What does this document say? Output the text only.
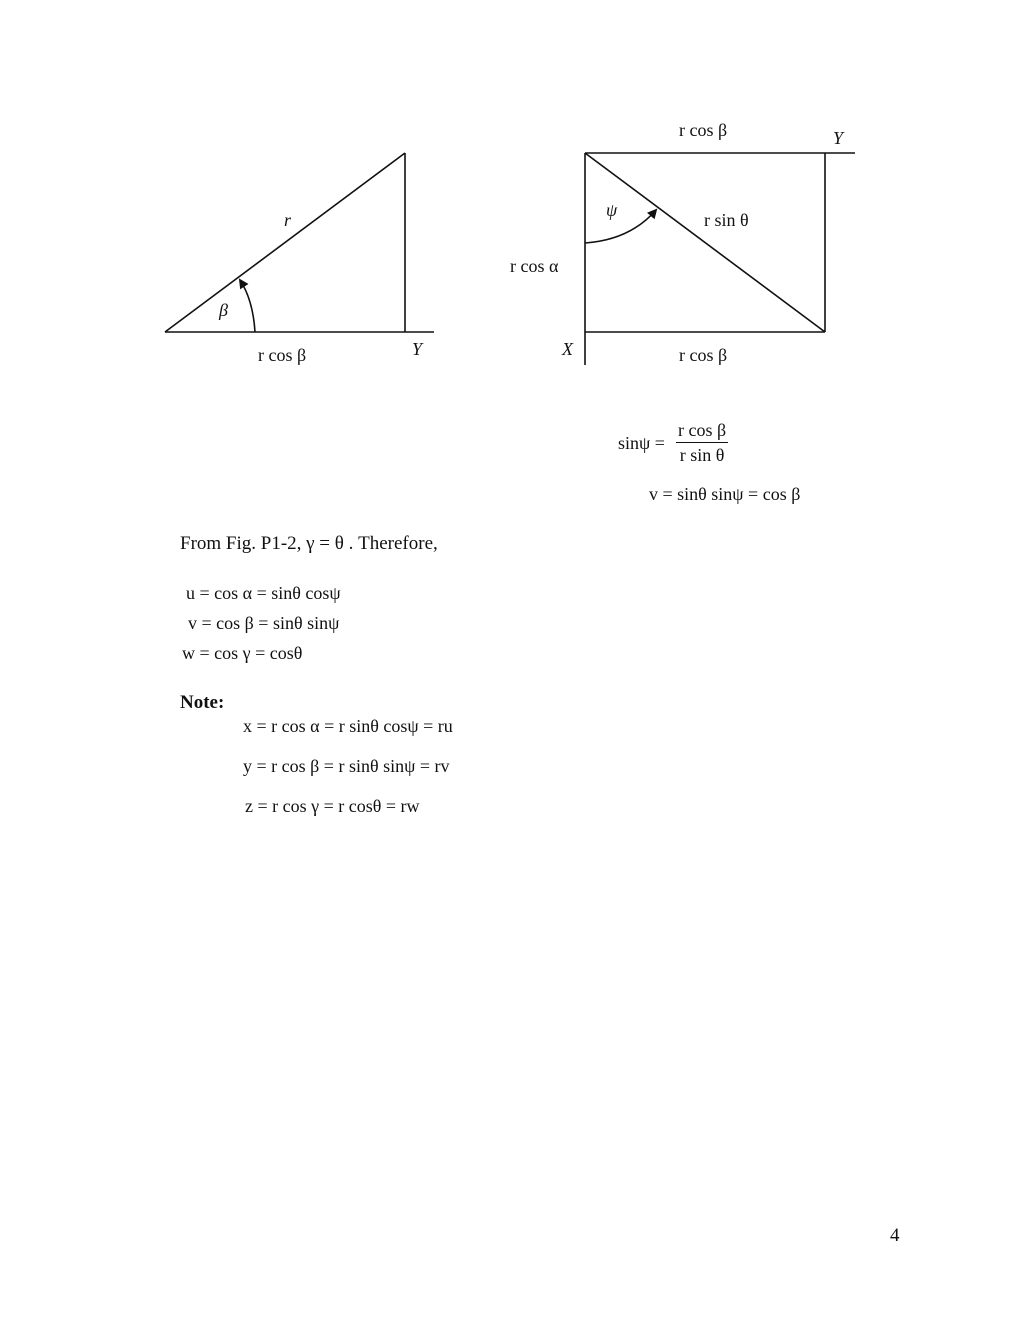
r
β
r cos β	Y
r cos β	Y
ψ	r sin θ
r cos α
X	r cos β
$\sin\psi = \frac{\text{r cos β}}{\text{r sin θ}}$
v = sinθ sinψ = cos β
From Fig. P1-2, γ = θ . Therefore,
u = cos α = sinθ cosψ
v = cos β = sinθ sinψ
w = cos γ = cosθ
Note:
x = r cos α = r sinθ cosψ = ru
y = r cos β = r sinθ sinψ = rv
z = r cos γ = r cosθ = rw
4
